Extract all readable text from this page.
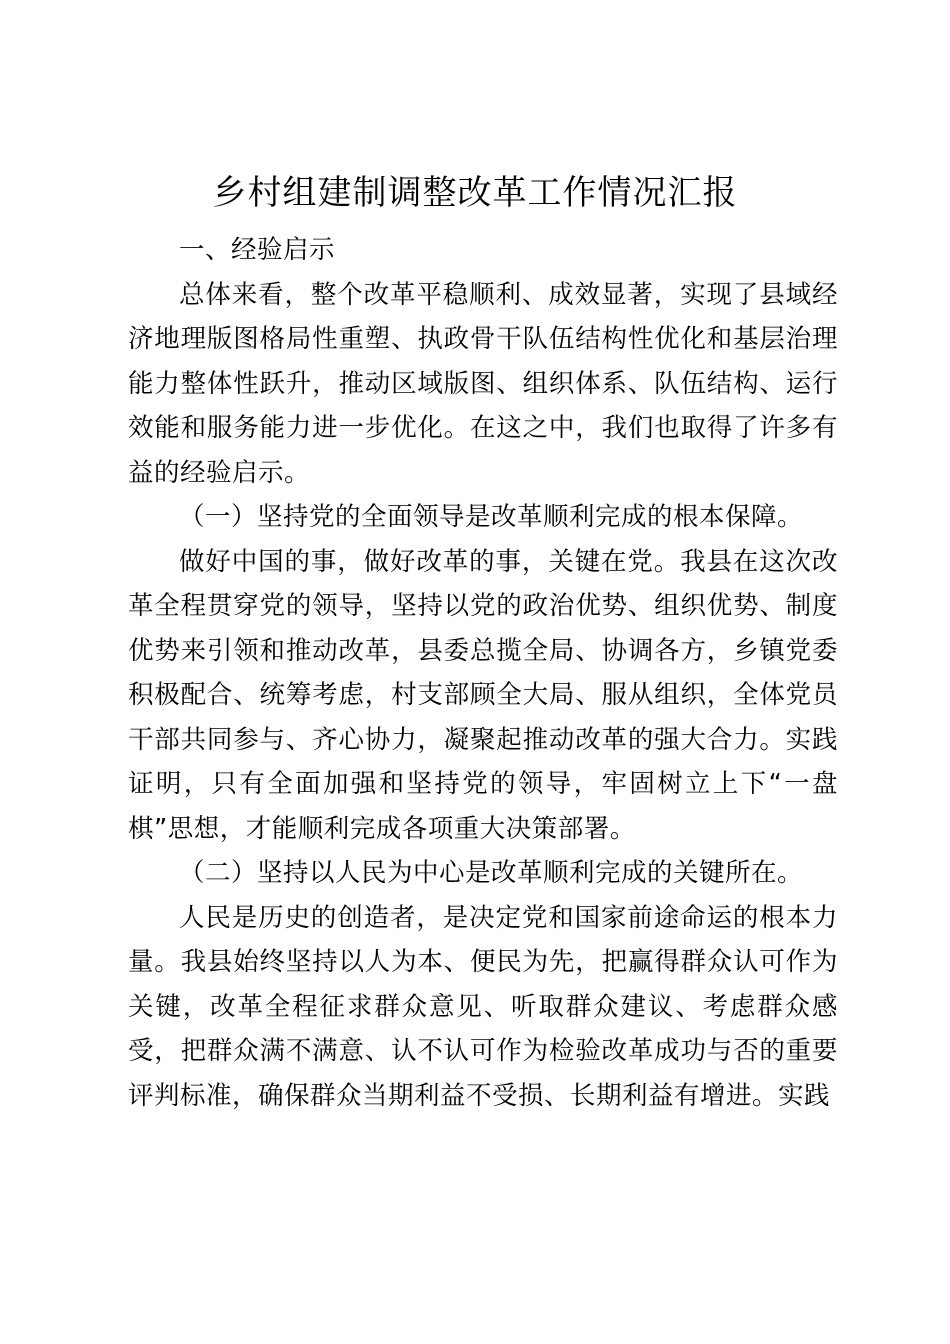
乡村组建制调整改革工作情况汇报

一、经验启示

总体来看，整个改革平稳顺利、成效显著，实现了县域经济地理版图格局性重塑、执政骨干队伍结构性优化和基层治理能力整体性跃升，推动区域版图、组织体系、队伍结构、运行效能和服务能力进一步优化。在这之中，我们也取得了许多有益的经验启示。

（一）坚持党的全面领导是改革顺利完成的根本保障。

做好中国的事，做好改革的事，关键在党。我县在这次改革全程贯穿党的领导，坚持以党的政治优势、组织优势、制度优势来引领和推动改革，县委总揽全局、协调各方，乡镇党委积极配合、统筹考虑，村支部顾全大局、服从组织，全体党员干部共同参与、齐心协力，凝聚起推动改革的强大合力。实践证明，只有全面加强和坚持党的领导，牢固树立上下“一盘棋”思想，才能顺利完成各项重大决策部署。

（二）坚持以人民为中心是改革顺利完成的关键所在。

人民是历史的创造者，是决定党和国家前途命运的根本力量。我县始终坚持以人为本、便民为先，把赢得群众认可作为关键，改革全程征求群众意见、听取群众建议、考虑群众感受，把群众满不满意、认不认可作为检验改革成功与否的重要评判标准，确保群众当期利益不受损、长期利益有增进。实践
